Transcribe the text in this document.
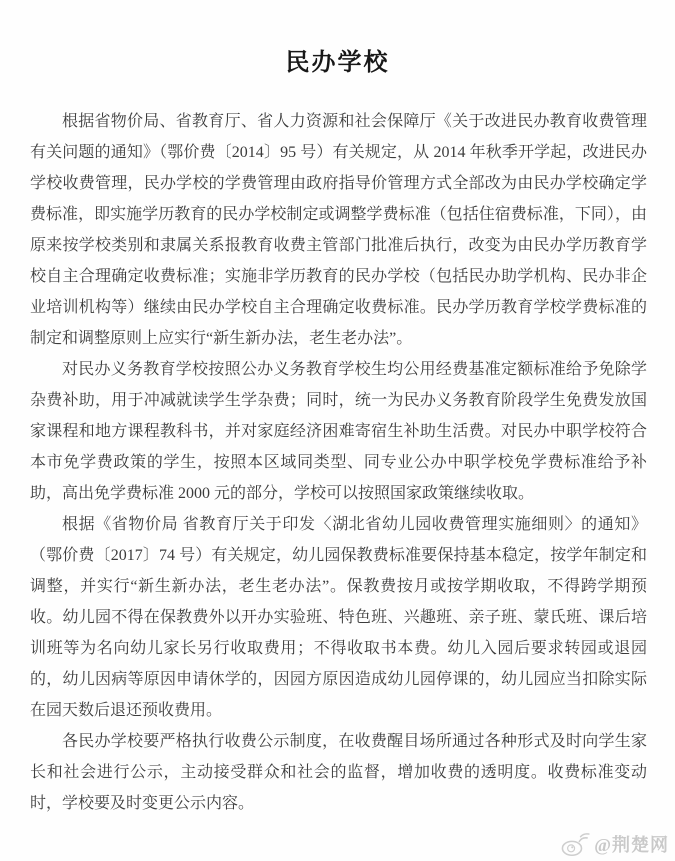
民办学校

根据省物价局、省教育厅、省人力资源和社会保障厅《关于改进民办教育收费管理有关问题的通知》（鄂价费〔2014〕95 号）有关规定，从 2014 年秋季开学起，改进民办学校收费管理，民办学校的学费管理由政府指导价管理方式全部改为由民办学校确定学费标准，即实施学历教育的民办学校制定或调整学费标准（包括住宿费标准，下同），由原来按学校类别和隶属关系报教育收费主管部门批准后执行，改变为由民办学历教育学校自主合理确定收费标准；实施非学历教育的民办学校（包括民办助学机构、民办非企业培训机构等）继续由民办学校自主合理确定收费标准。民办学历教育学校学费标准的制定和调整原则上应实行“新生新办法，老生老办法”。

对民办义务教育学校按照公办义务教育学校生均公用经费基准定额标准给予免除学杂费补助，用于冲减就读学生学杂费；同时，统一为民办义务教育阶段学生免费发放国家课程和地方课程教科书，并对家庭经济困难寄宿生补助生活费。对民办中职学校符合本市免学费政策的学生，按照本区域同类型、同专业公办中职学校免学费标准给予补助，高出免学费标准 2000 元的部分，学校可以按照国家政策继续收取。

根据《省物价局 省教育厅关于印发〈湖北省幼儿园收费管理实施细则〉的通知》（鄂价费〔2017〕74 号）有关规定，幼儿园保教费标准要保持基本稳定，按学年制定和调整，并实行“新生新办法，老生老办法”。保教费按月或按学期收取，不得跨学期预收。幼儿园不得在保教费外以开办实验班、特色班、兴趣班、亲子班、蒙氏班、课后培训班等为名向幼儿家长另行收取费用；不得收取书本费。幼儿入园后要求转园或退园的，幼儿因病等原因申请休学的，因园方原因造成幼儿园停课的，幼儿园应当扣除实际在园天数后退还预收费用。

各民办学校要严格执行收费公示制度，在收费醒目场所通过各种形式及时向学生家长和社会进行公示，主动接受群众和社会的监督，增加收费的透明度。收费标准变动时，学校要及时变更公示内容。

@荆楚网
